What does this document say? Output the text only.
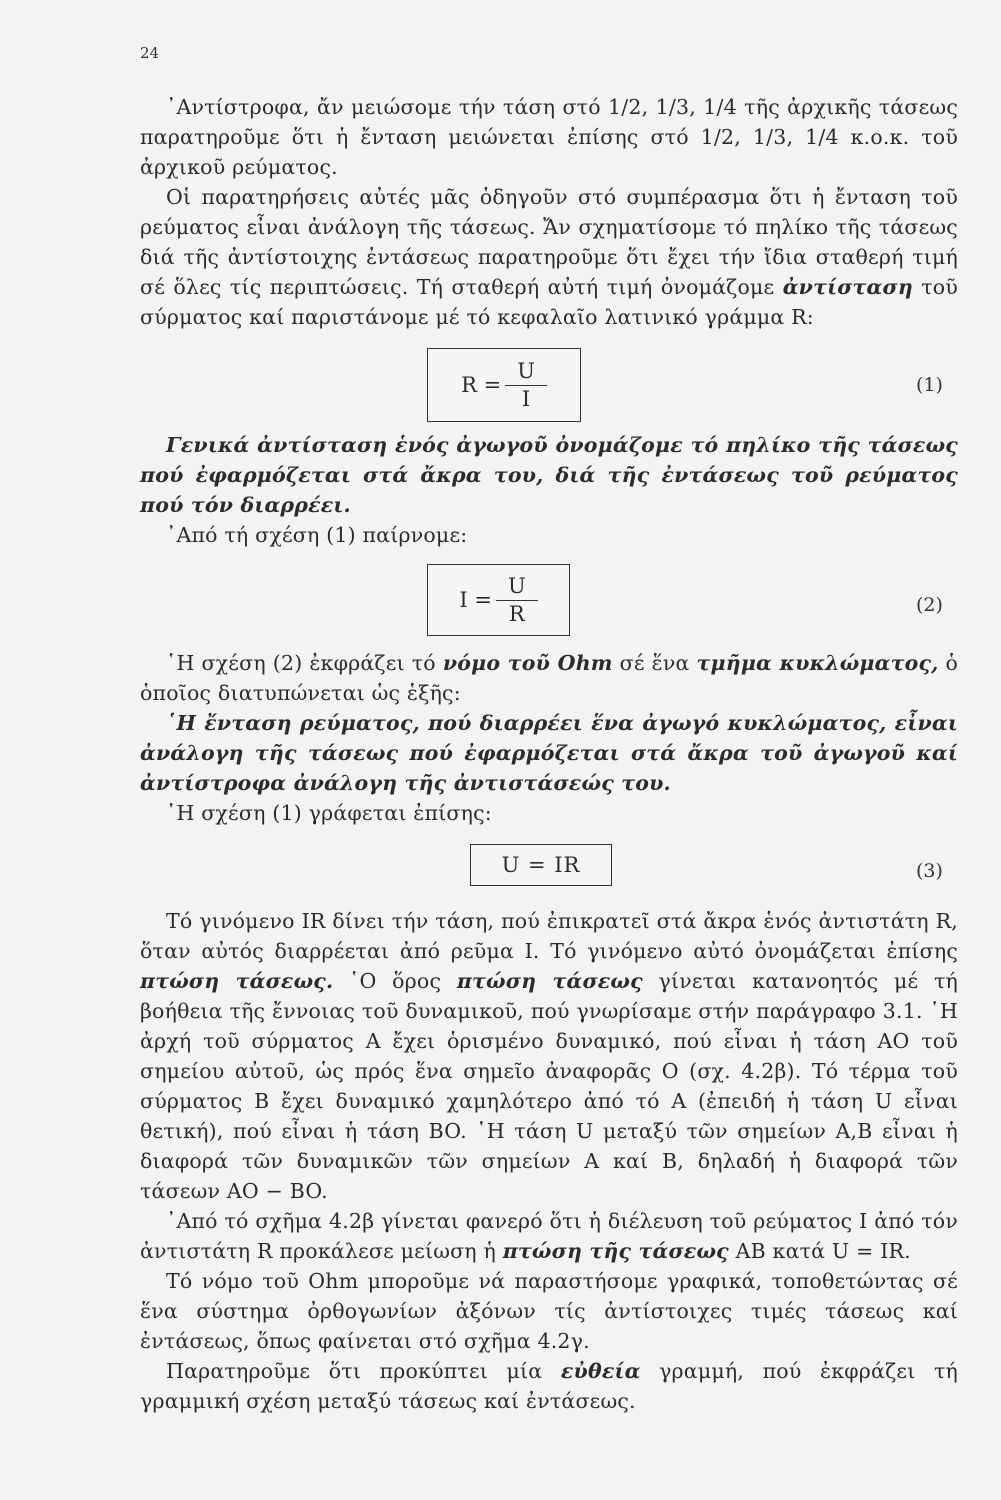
24

᾿Αντίστροφα, ἄν μειώσομε τήν τάση στό 1/2, 1/3, 1/4 τῆς ἀρχικῆς τάσεως παρατηροῦμε ὅτι ἡ ἔνταση μειώνεται ἐπίσης στό 1/2, 1/3, 1/4 κ.ο.κ. τοῦ ἀρχικοῦ ρεύματος.

Οἱ παρατηρήσεις αὐτές μᾶς ὁδηγοῦν στό συμπέρασμα ὅτι ἡ ἔνταση τοῦ ρεύματος εἶναι ἀνάλογη τῆς τάσεως. Ἄν σχηματίσομε τό πηλίκο τῆς τάσεως διά τῆς ἀντίστοιχης ἐντάσεως παρατηροῦμε ὅτι ἔχει τήν ἴδια σταθερή τιμή σέ ὅλες τίς περιπτώσεις. Τή σταθερή αὐτή τιμή ὀνομάζομε ἀντίσταση τοῦ σύρματος καί παριστάνομε μέ τό κεφαλαῖο λατινικό γράμμα R:

$R = \frac{U}{I}$	(1)

Γενικά ἀντίσταση ἑνός ἀγωγοῦ ὀνομάζομε τό πηλίκο τῆς τάσεως πού ἐφαρμόζεται στά ἄκρα του, διά τῆς ἐντάσεως τοῦ ρεύματος πού τόν διαρρέει.

᾿Από τή σχέση (1) παίρνομε:

$I = \frac{U}{R}$	(2)

῾Η σχέση (2) ἐκφράζει τό νόμο τοῦ Ohm σέ ἕνα τμῆμα κυκλώματος, ὁ ὁποῖος διατυπώνεται ὡς ἑξῆς:

῾Η ἔνταση ρεύματος, πού διαρρέει ἕνα ἀγωγό κυκλώματος, εἶναι ἀνάλογη τῆς τάσεως πού ἐφαρμόζεται στά ἄκρα τοῦ ἀγωγοῦ καί ἀντίστροφα ἀνάλογη τῆς ἀντιστάσεώς του.

῾Η σχέση (1) γράφεται ἐπίσης:

U = IR	(3)

Τό γινόμενο IR δίνει τήν τάση, πού ἐπικρατεῖ στά ἄκρα ἑνός ἀντιστάτη R, ὅταν αὐτός διαρρέεται ἀπό ρεῦμα I. Τό γινόμενο αὐτό ὀνομάζεται ἐπίσης πτώση τάσεως. ῾Ο ὅρος πτώση τάσεως γίνεται κατανοητός μέ τή βοήθεια τῆς ἔννοιας τοῦ δυναμικοῦ, πού γνωρίσαμε στήν παράγραφο 3.1. ῾Η ἀρχή τοῦ σύρματος A ἔχει ὁρισμένο δυναμικό, πού εἶναι ἡ τάση AO τοῦ σημείου αὐτοῦ, ὡς πρός ἕνα σημεῖο ἀναφορᾶς O (σχ. 4.2β). Τό τέρμα τοῦ σύρματος B ἔχει δυναμικό χαμηλότερο ἀπό τό A (ἐπειδή ἡ τάση U εἶναι θετική), πού εἶναι ἡ τάση BO. ῾Η τάση U μεταξύ τῶν σημείων A,B εἶναι ἡ διαφορά τῶν δυναμικῶν τῶν σημείων A καί B, δηλαδή ἡ διαφορά τῶν τάσεων AO − BO.

᾿Από τό σχῆμα 4.2β γίνεται φανερό ὅτι ἡ διέλευση τοῦ ρεύματος I ἀπό τόν ἀντιστάτη R προκάλεσε μείωση ἡ πτώση τῆς τάσεως AB κατά U = IR.

Τό νόμο τοῦ Ohm μποροῦμε νά παραστήσομε γραφικά, τοποθετώντας σέ ἕνα σύστημα ὀρθογωνίων ἀξόνων τίς ἀντίστοιχες τιμές τάσεως καί ἐντάσεως, ὅπως φαίνεται στό σχῆμα 4.2γ.

Παρατηροῦμε ὅτι προκύπτει μία εὐθεία γραμμή, πού ἐκφράζει τή γραμμική σχέση μεταξύ τάσεως καί ἐντάσεως.
